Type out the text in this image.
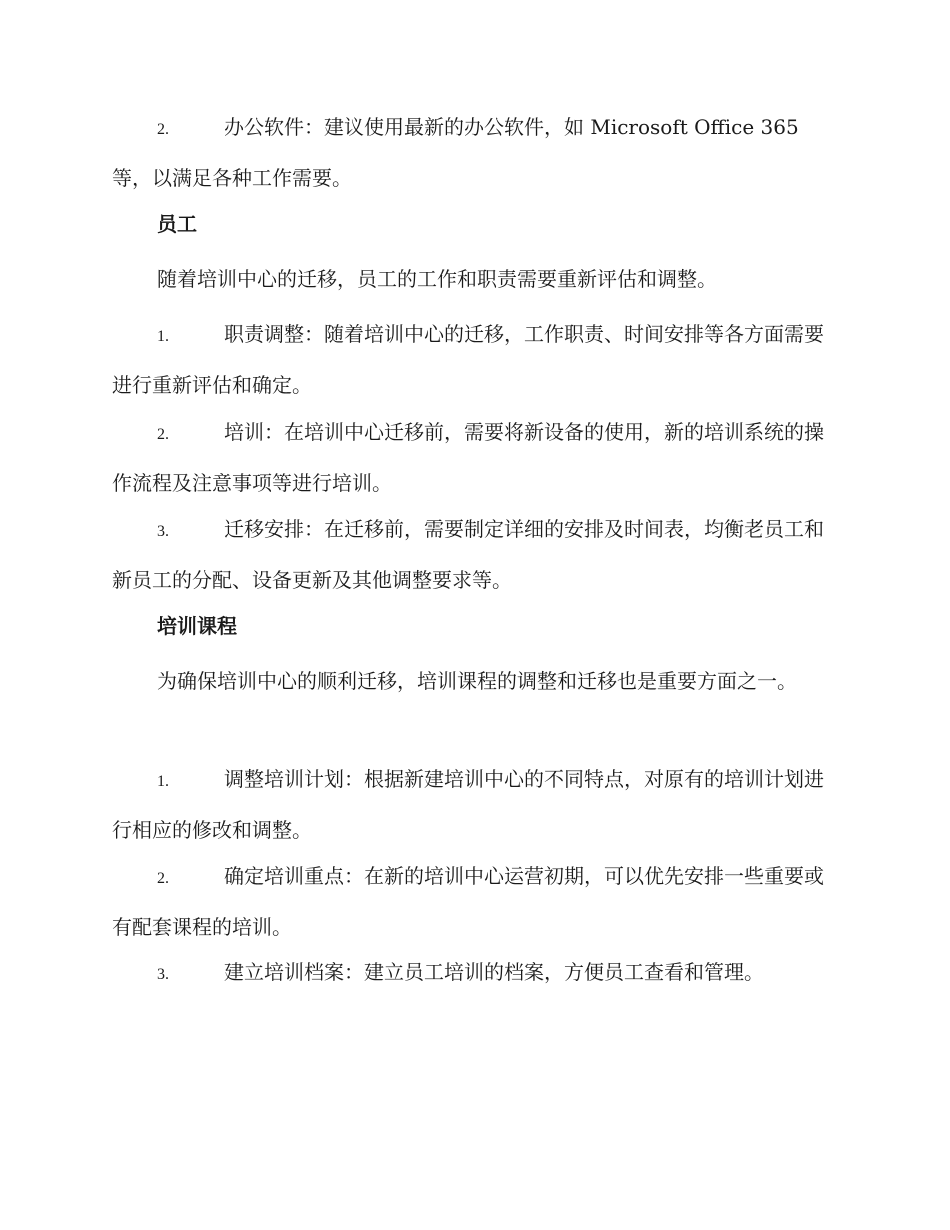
2.	办公软件：建议使用最新的办公软件，如 Microsoft Office 365 等，以满足各种工作需要。
员工
随着培训中心的迁移，员工的工作和职责需要重新评估和调整。
1.	职责调整：随着培训中心的迁移，工作职责、时间安排等各方面需要进行重新评估和确定。
2.	培训：在培训中心迁移前，需要将新设备的使用，新的培训系统的操作流程及注意事项等进行培训。
3.	迁移安排：在迁移前，需要制定详细的安排及时间表，均衡老员工和新员工的分配、设备更新及其他调整要求等。
培训课程
为确保培训中心的顺利迁移，培训课程的调整和迁移也是重要方面之一。
1.	调整培训计划：根据新建培训中心的不同特点，对原有的培训计划进行相应的修改和调整。
2.	确定培训重点：在新的培训中心运营初期，可以优先安排一些重要或有配套课程的培训。
3.	建立培训档案：建立员工培训的档案，方便员工查看和管理。
